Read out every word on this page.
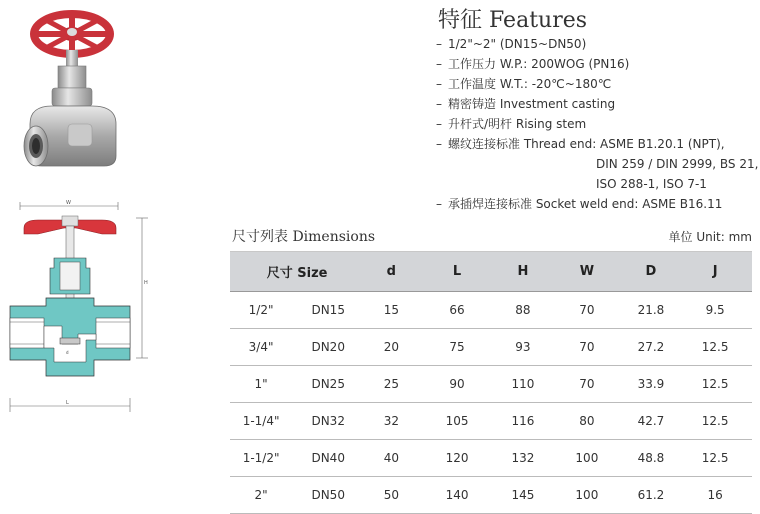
W
H
L
d
特征 Features
– 1/2"~2" (DN15~DN50)
– 工作压力 W.P.: 200WOG (PN16)
– 工作温度 W.T.: -20℃~180℃
– 精密铸造 Investment casting
– 升杆式/明杆 Rising stem
– 螺纹连接标准 Thread end: ASME B1.20.1 (NPT),
DIN 259 / DIN 2999, BS 21,
ISO 288-1, ISO 7-1
– 承插焊连接标准 Socket weld end: ASME B16.11
尺寸列表 Dimensions	单位 Unit: mm
尺寸 Size		d	L	H	W	D	J
1/2"	DN15	15	66	88	70	21.8	9.5
3/4"	DN20	20	75	93	70	27.2	12.5
1"	DN25	25	90	110	70	33.9	12.5
1-1/4"	DN32	32	105	116	80	42.7	12.5
1-1/2"	DN40	40	120	132	100	48.8	12.5
2"	DN50	50	140	145	100	61.2	16
